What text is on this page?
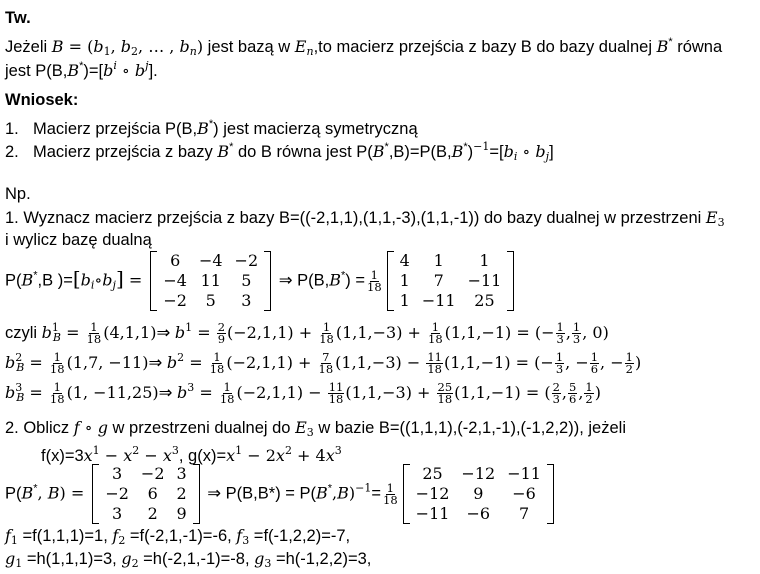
Tw.
Jeżeli $B = (b_1$, $b_2$, … , $b_n$) jest bazą w $E_n,to$ macierz przejścia z bazy B do bazy dualnej B* równa
jest $P(B,B^*)=[b^i$ ∘ $b^j$].
Wniosek:
1. Macierz przejścia P(B,B*) jest macierzą symetryczną
2. Macierz przejścia z bazy B* do B równa jest $P(B^*,B)=P(B,B^*)^{-1}=[b_i$ ∘ $b_j$]
Np.
1. Wyznacz macierz przejścia z bazy B=((-2,1,1),(1,1,-3),(1,1,-1)) do bazy dualnej w przestrzeni $E_3$
i wylicz bazę dualną
P(B*,B )$=[b_i\circ b_j]$ =
6	−4	−2
−4	11	5
−2	5	3
⇒ $P(B,B^*) = \frac{1}{18}$
4	1	1
1	7	−11
1	−11	25
czyli $b^1_B = \frac{1}{18}$ (4,1,1)⇒ $b^1 = \frac{2}{9} (-2,1,1) + \frac{1}{18} (1,1,-3) + \frac{1}{18} (1,1,-1)$ = (− $\frac{1}{3}$ , $\frac{1}{3}$ , 0)
$b^2_B = \frac{1}{18} (1,7$, −11)⇒ $b^2 = \frac{1}{18} (-2,1,1) + \frac{7}{18} (1,1,-3) - \frac{11}{18} (1,1,-1)$ = (− $\frac{1}{3}$ , − $\frac{1}{6}$ , − $\frac{1}{2}$ )
$b^3_B = \frac{1}{18} (1$, −11,25)⇒ $b^3 = \frac{1}{18} (-2,1,1) - \frac{11}{18} (1,1,-3) + \frac{25}{18} (1,1,-1)$ = ( $\frac{2}{3}$ , $\frac{5}{6}$ , $\frac{1}{2}$ )
2. Oblicz f ∘ g w przestrzeni dualnej do $E_3$ w bazie B=((1,1,1),(-2,1,-1),(-1,2,2)), jeżeli
$f(x)=3x^1 - x^2 - x^3$, $g(x)=x^1 - 2x^2 + 4x^3$
P(B*, B) =
3	−2	3
−2	6	2
3	2	9
⇒ $P(B,B*) = P(B^*,B)^{-1}= \frac{1}{18}$
25	−12	−11
−12	9	−6
−11	−6	7
$f_1 =f(1,1,1)=1$, $f_2 =f(-2,1,-1)=-6$, $f_3 =f(-1,2,2)=-7$,
$g_1 =h(1,1,1)=3$, $g_2 =h(-2,1,-1)=-8$, $g_3 =h(-1,2,2)=3$,
